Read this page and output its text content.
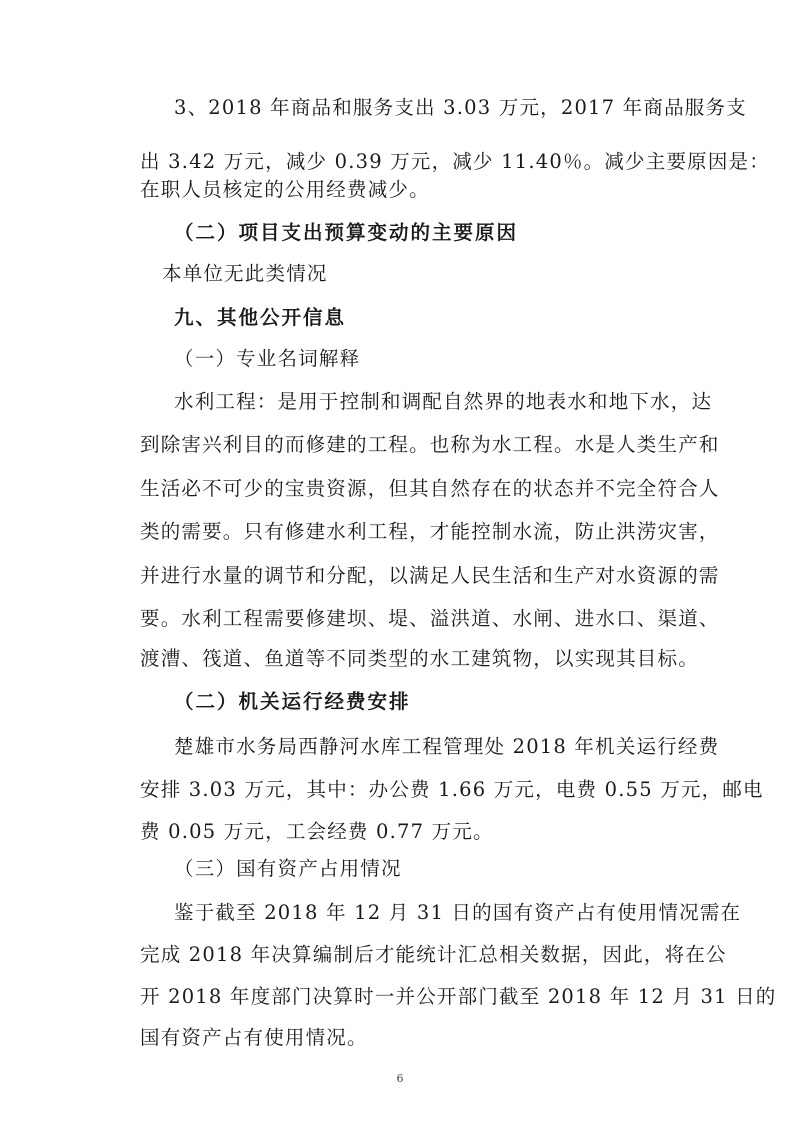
3、2018 年商品和服务支出 3.03 万元，2017 年商品服务支
出 3.42 万元，减少 0.39 万元，减少 11.40％。减少主要原因是：
在职人员核定的公用经费减少。
（二）项目支出预算变动的主要原因
本单位无此类情况
九、其他公开信息
（一）专业名词解释
水利工程：是用于控制和调配自然界的地表水和地下水，达
到除害兴利目的而修建的工程。也称为水工程。水是人类生产和
生活必不可少的宝贵资源，但其自然存在的状态并不完全符合人
类的需要。只有修建水利工程，才能控制水流，防止洪涝灾害，
并进行水量的调节和分配，以满足人民生活和生产对水资源的需
要。水利工程需要修建坝、堤、溢洪道、水闸、进水口、渠道、
渡漕、筏道、鱼道等不同类型的水工建筑物，以实现其目标。
（二）机关运行经费安排
楚雄市水务局西静河水库工程管理处 2018 年机关运行经费
安排 3.03 万元，其中：办公费 1.66 万元，电费 0.55 万元，邮电
费 0.05 万元，工会经费 0.77 万元。
（三）国有资产占用情况
鉴于截至 2018 年 12 月 31 日的国有资产占有使用情况需在
完成 2018 年决算编制后才能统计汇总相关数据，因此，将在公
开 2018 年度部门决算时一并公开部门截至 2018 年 12 月 31 日的
国有资产占有使用情况。
6
